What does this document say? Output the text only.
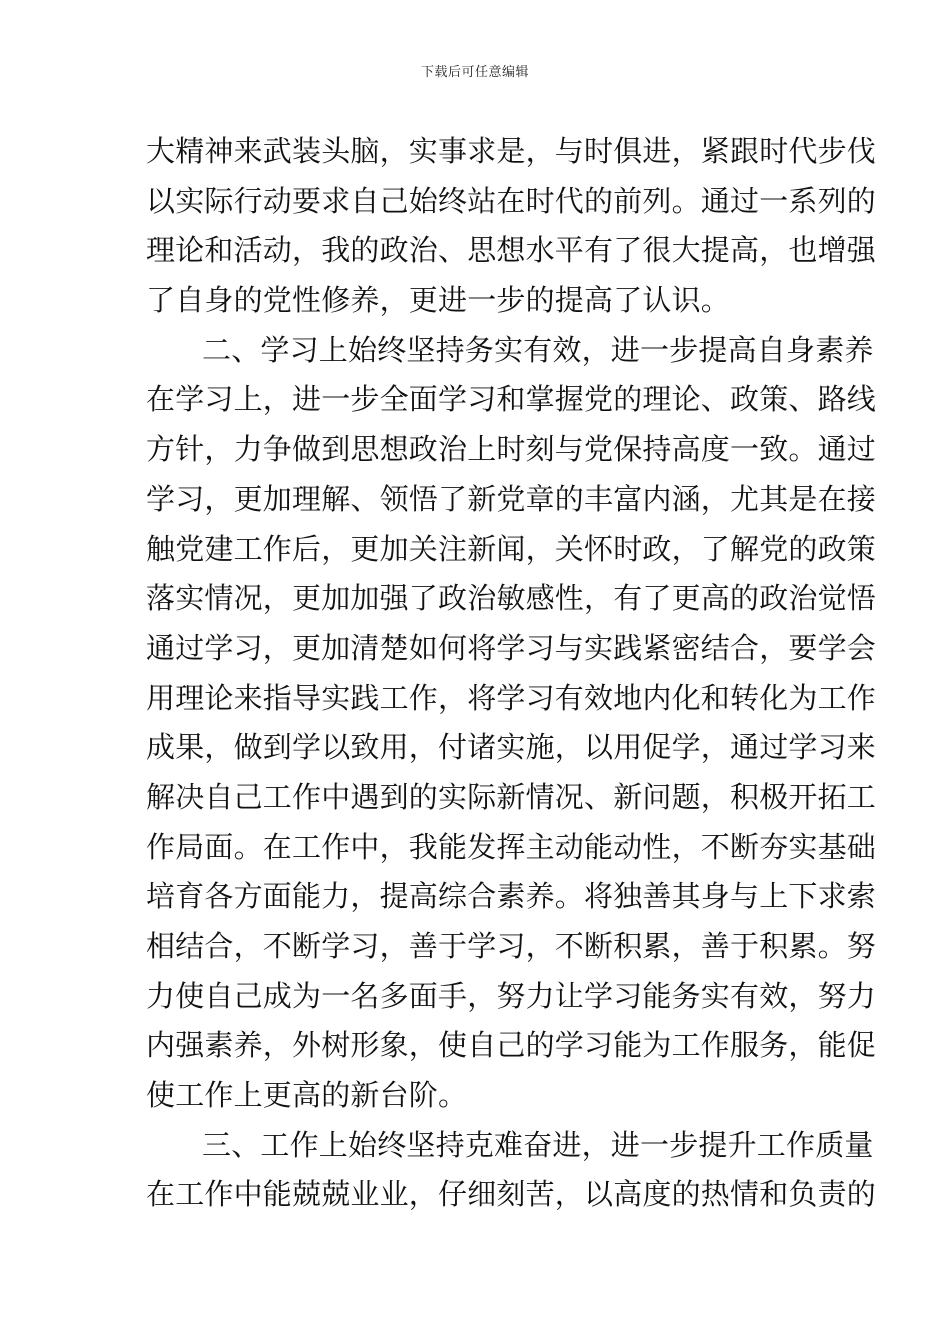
下载后可任意编辑
大精神来武装头脑，实事求是，与时俱进，紧跟时代步伐
以实际行动要求自己始终站在时代的前列。通过一系列的
理论和活动，我的政治、思想水平有了很大提高，也增强
了自身的党性修养，更进一步的提高了认识。
二、学习上始终坚持务实有效，进一步提高自身素养
在学习上，进一步全面学习和掌握党的理论、政策、路线
方针，力争做到思想政治上时刻与党保持高度一致。通过
学习，更加理解、领悟了新党章的丰富内涵，尤其是在接
触党建工作后，更加关注新闻，关怀时政，了解党的政策
落实情况，更加加强了政治敏感性，有了更高的政治觉悟
通过学习，更加清楚如何将学习与实践紧密结合，要学会
用理论来指导实践工作，将学习有效地内化和转化为工作
成果，做到学以致用，付诸实施，以用促学，通过学习来
解决自己工作中遇到的实际新情况、新问题，积极开拓工
作局面。在工作中，我能发挥主动能动性，不断夯实基础
培育各方面能力，提高综合素养。将独善其身与上下求索
相结合，不断学习，善于学习，不断积累，善于积累。努
力使自己成为一名多面手，努力让学习能务实有效，努力
内强素养，外树形象，使自己的学习能为工作服务，能促
使工作上更高的新台阶。
三、工作上始终坚持克难奋进，进一步提升工作质量
在工作中能兢兢业业，仔细刻苦，以高度的热情和负责的
